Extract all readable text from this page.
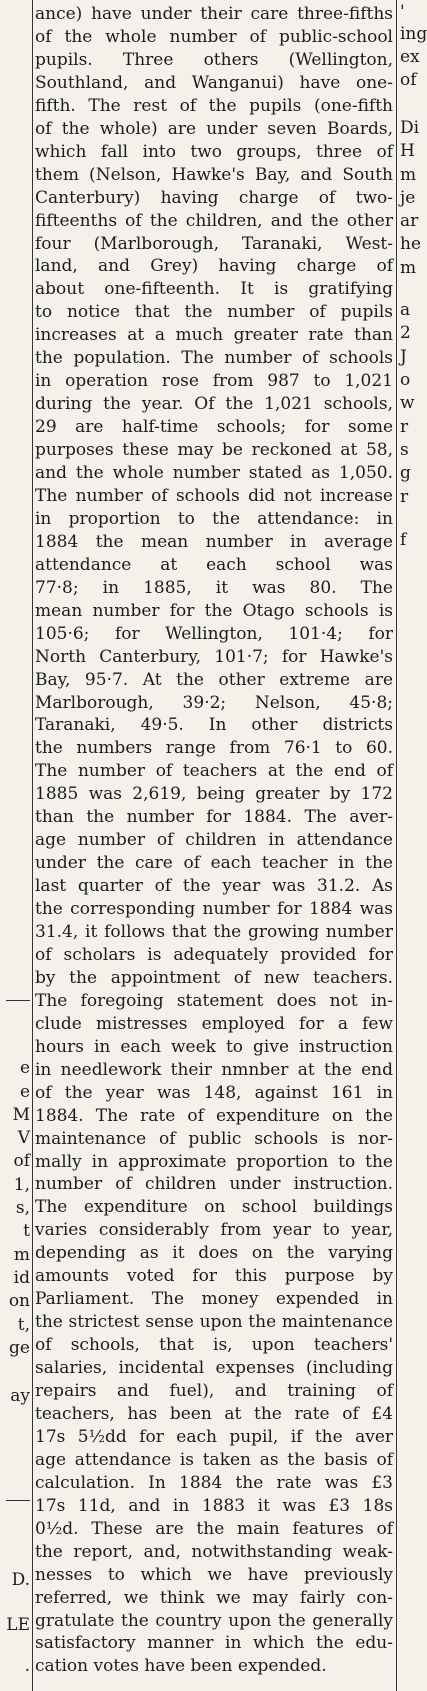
e
e
M
V
of
1,
s,
t
m
id
on
t,
ge
ay
D.
LE
.
ance) have under their care three-fifths
of the whole number of public-school
pupils. Three others (Wellington,
Southland, and Wanganui) have one-
fifth. The rest of the pupils (one-fifth
of the whole) are under seven Boards,
which fall into two groups, three of
them (Nelson, Hawke's Bay, and South
Canterbury) having charge of two-
fifteenths of the children, and the other
four (Marlborough, Taranaki, West-
land, and Grey) having charge of
about one-fifteenth. It is gratifying
to notice that the number of pupils
increases at a much greater rate than
the population. The number of schools
in operation rose from 987 to 1,021
during the year. Of the 1,021 schools,
29 are half-time schools; for some
purposes these may be reckoned at 58,
and the whole number stated as 1,050.
The number of schools did not increase
in proportion to the attendance: in
1884 the mean number in average
attendance at each school was
77·8; in 1885, it was 80. The
mean number for the Otago schools is
105·6; for Wellington, 101·4; for
North Canterbury, 101·7; for Hawke's
Bay, 95·7. At the other extreme are
Marlborough, 39·2; Nelson, 45·8;
Taranaki, 49·5. In other districts
the numbers range from 76·1 to 60.
The number of teachers at the end of
1885 was 2,619, being greater by 172
than the number for 1884. The aver-
age number of children in attendance
under the care of each teacher in the
last quarter of the year was 31.2. As
the corresponding number for 1884 was
31.4, it follows that the growing number
of scholars is adequately provided for
by the appointment of new teachers.
The foregoing statement does not in-
clude mistresses employed for a few
hours in each week to give instruction
in needlework their nmnber at the end
of the year was 148, against 161 in
1884. The rate of expenditure on the
maintenance of public schools is nor-
mally in approximate proportion to the
number of children under instruction.
The expenditure on school buildings
varies considerably from year to year,
depending as it does on the varying
amounts voted for this purpose by
Parliament. The money expended in
the strictest sense upon the maintenance
of schools, that is, upon teachers'
salaries, incidental expenses (including
repairs and fuel), and training of
teachers, has been at the rate of £4
17s 5½dd for each pupil, if the aver
age attendance is taken as the basis of
calculation. In 1884 the rate was £3
17s 11d, and in 1883 it was £3 18s
0½d. These are the main features of
the report, and, notwithstanding weak-
nesses to which we have previously
referred, we think we may fairly con-
gratulate the country upon the generally
satisfactory manner in which the edu-
cation votes have been expended.
'
ing
ex
of
Di
H
m
je
ar
he
m
a
2
J
o
w
r
s
g
r
f
